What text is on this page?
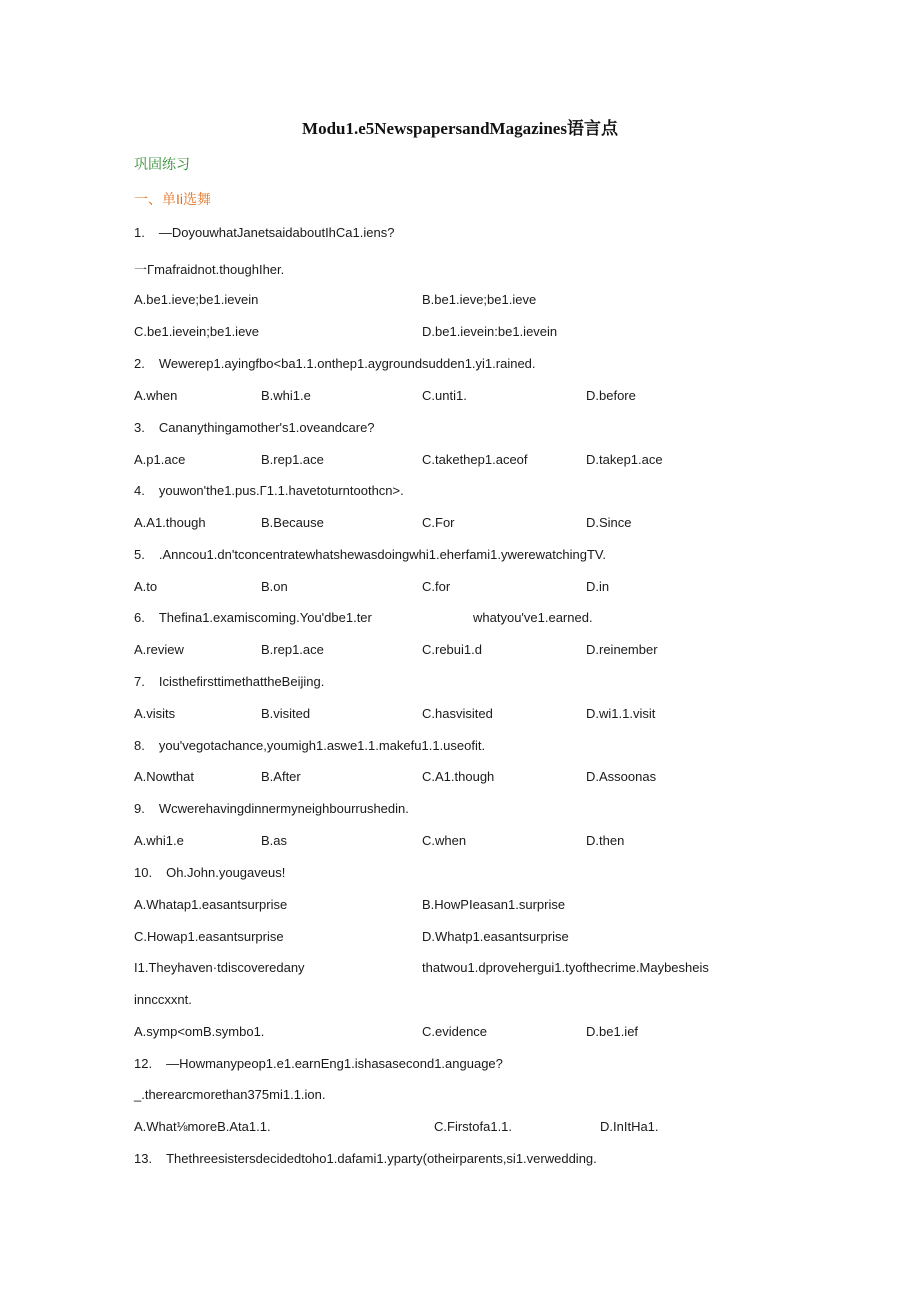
Modu1.e5NewspapersandMagazines语言点
巩固练习
一、单Ii选舞
1. —DoyouwhatJanetsaidaboutIhCa1.iens?
一Γmafraidnot.thoughIher.
A.be1.ieve;be1.ievein	B.be1.ieve;be1.ieve
C.be1.ievein;be1.ieve	D.be1.ievein:be1.ievein
2. Wewerep1.ayingfbo<ba1.1.onthep1.aygroundsudden1.yi1.rained.
A.when	B.whi1.e	C.unti1.	D.before
3. Cananythingamother's1.oveandcare?
A.p1.ace	B.rep1.ace	C.takethep1.aceof	D.takep1.ace
4. youwon'the1.pus.Γ1.1.havetoturntoothcn>.
A.A1.though	B.Because	C.For	D.Since
5. .Anncou1.dn'tconcentratewhatshewasdoingwhi1.eherfami1.ywerewatchingTV.
A.to	B.on	C.for	D.in
6. Thefina1.examiscoming.You'dbe1.ter	whatyou've1.earned.
A.review	B.rep1.ace	C.rebui1.d	D.reinember
7. IcisthefirsttimethattheBeijing.
A.visits	B.visited	C.hasvisited	D.wi1.1.visit
8. you'vegotachance,youmigh1.aswe1.1.makefu1.1.useofit.
A.Nowthat	B.After	C.A1.though	D.Assoonas
9. Wcwerehavingdinnermyneighbourrushedin.
A.whi1.e	B.as	C.when	D.then
10. Oh.John.yougaveus!
A.Whatap1.easantsurprise	B.HowPIeasan1.surprise
C.Howap1.easantsurprise	D.Whatp1.easantsurprise
I1.Theyhaven·tdiscoveredany	thatwou1.dprovehergui1.tyofthecrime.Maybesheis
innccxxnt.
A.symp<omB.symbo1.	C.evidence	D.be1.ief
12. —Howmanypeop1.e1.earnEng1.ishasasecond1.anguage?
_.therearcmorethan375mi1.1.ion.
A.What⅛moreB.Ata1.1.	C.Firstofa1.1.	D.InItHa1.
13. Thethreesistersdecidedtoho1.dafami1.yparty(otheirparents,si1.verwedding.
